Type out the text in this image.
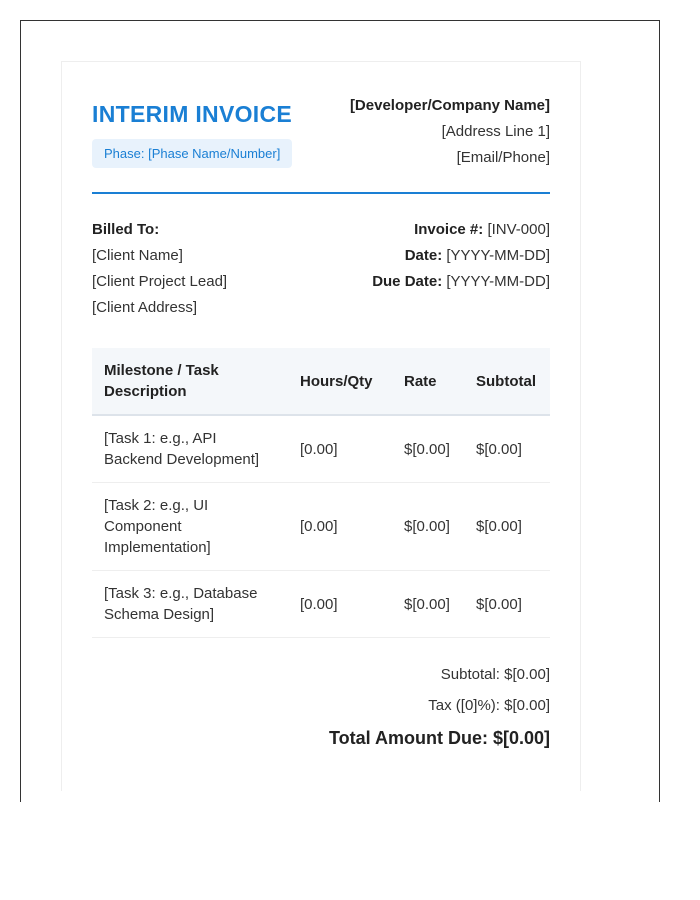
INTERIM INVOICE
Phase: [Phase Name/Number]
[Developer/Company Name]
[Address Line 1]
[Email/Phone]
Billed To:
[Client Name]
[Client Project Lead]
[Client Address]
Invoice #: [INV-000]
Date: [YYYY-MM-DD]
Due Date: [YYYY-MM-DD]
Milestone / Task Description	Hours/Qty	Rate	Subtotal
[Task 1: e.g., API Backend Development]	[0.00]	$[0.00]	$[0.00]
[Task 2: e.g., UI Component Implementation]	[0.00]	$[0.00]	$[0.00]
[Task 3: e.g., Database Schema Design]	[0.00]	$[0.00]	$[0.00]
Subtotal: $[0.00]
Tax ([0]%): $[0.00]
Total Amount Due: $[0.00]
